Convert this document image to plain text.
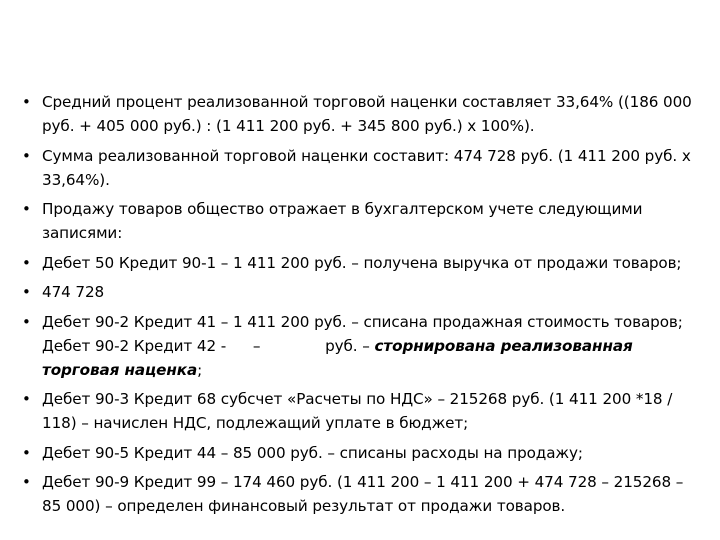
• Средний процент реализованной торговой наценки составляет 33,64% ((186 000 руб. + 405 000 руб.) : (1 411 200 руб. + 345 800 руб.) х 100%).
• Сумма реализованной торговой наценки составит: 474 728 руб. (1 411 200 руб. х 33,64%).
• Продажу товаров общество отражает в бухгалтерском учете следующими записями:
• Дебет 50 Кредит 90-1 – 1 411 200 руб. – получена выручка от продажи товаров;
• 474 728
• Дебет 90-2 Кредит 41 – 1 411 200 руб. – списана продажная стоимость товаров; Дебет 90-2 Кредит 42 - –	руб. – сторнирована реализованная торговая наценка;
• Дебет 90-3 Кредит 68 субсчет «Расчеты по НДС» – 215268 руб. (1 411 200 *18 / 118) – начислен НДС, подлежащий уплате в бюджет;
• Дебет 90-5 Кредит 44 – 85 000 руб. – списаны расходы на продажу;
• Дебет 90-9 Кредит 99 – 174 460 руб. (1 411 200 – 1 411 200 + 474 728 – 215268 – 85 000) – определен финансовый результат от продажи товаров.
